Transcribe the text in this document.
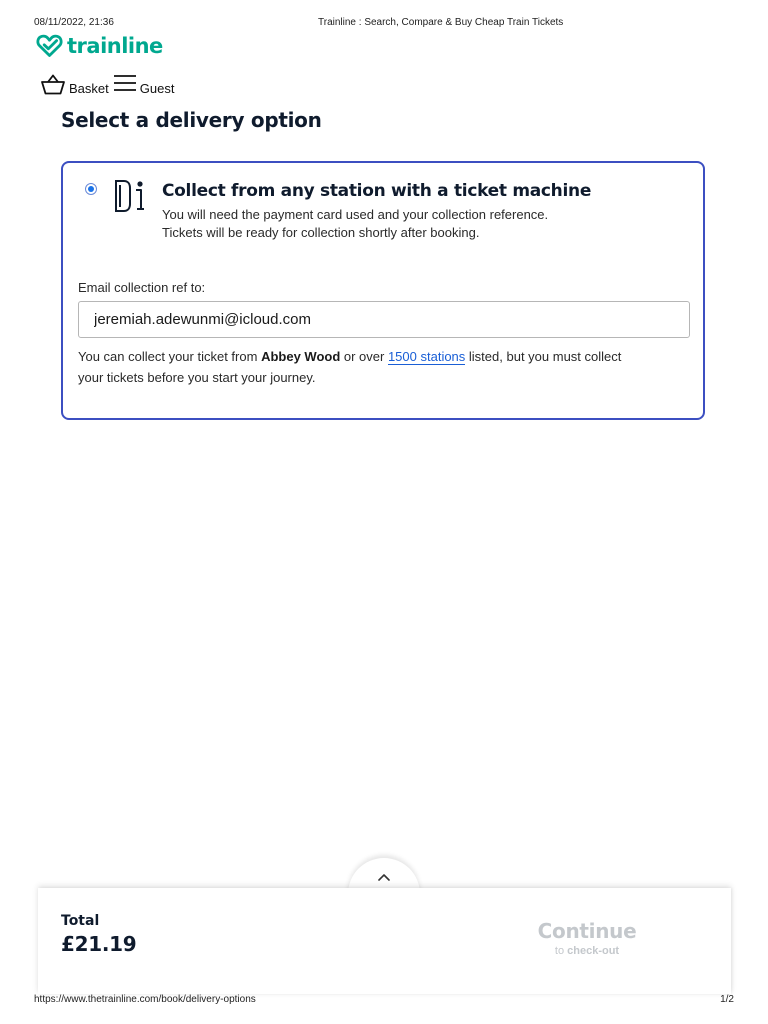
08/11/2022, 21:36	Trainline : Search, Compare & Buy Cheap Train Tickets
trainline
Basket Guest
Select a delivery option
Collect from any station with a ticket machine
You will need the payment card used and your collection reference.
Tickets will be ready for collection shortly after booking.
Email collection ref to:
jeremiah.adewunmi@icloud.com

You can collect your ticket from Abbey Wood or over 1500 stations listed, but you must collect your tickets before you start your journey.

Total
£21.19
Continue
to check-out
https://www.thetrainline.com/book/delivery-options	1/2
